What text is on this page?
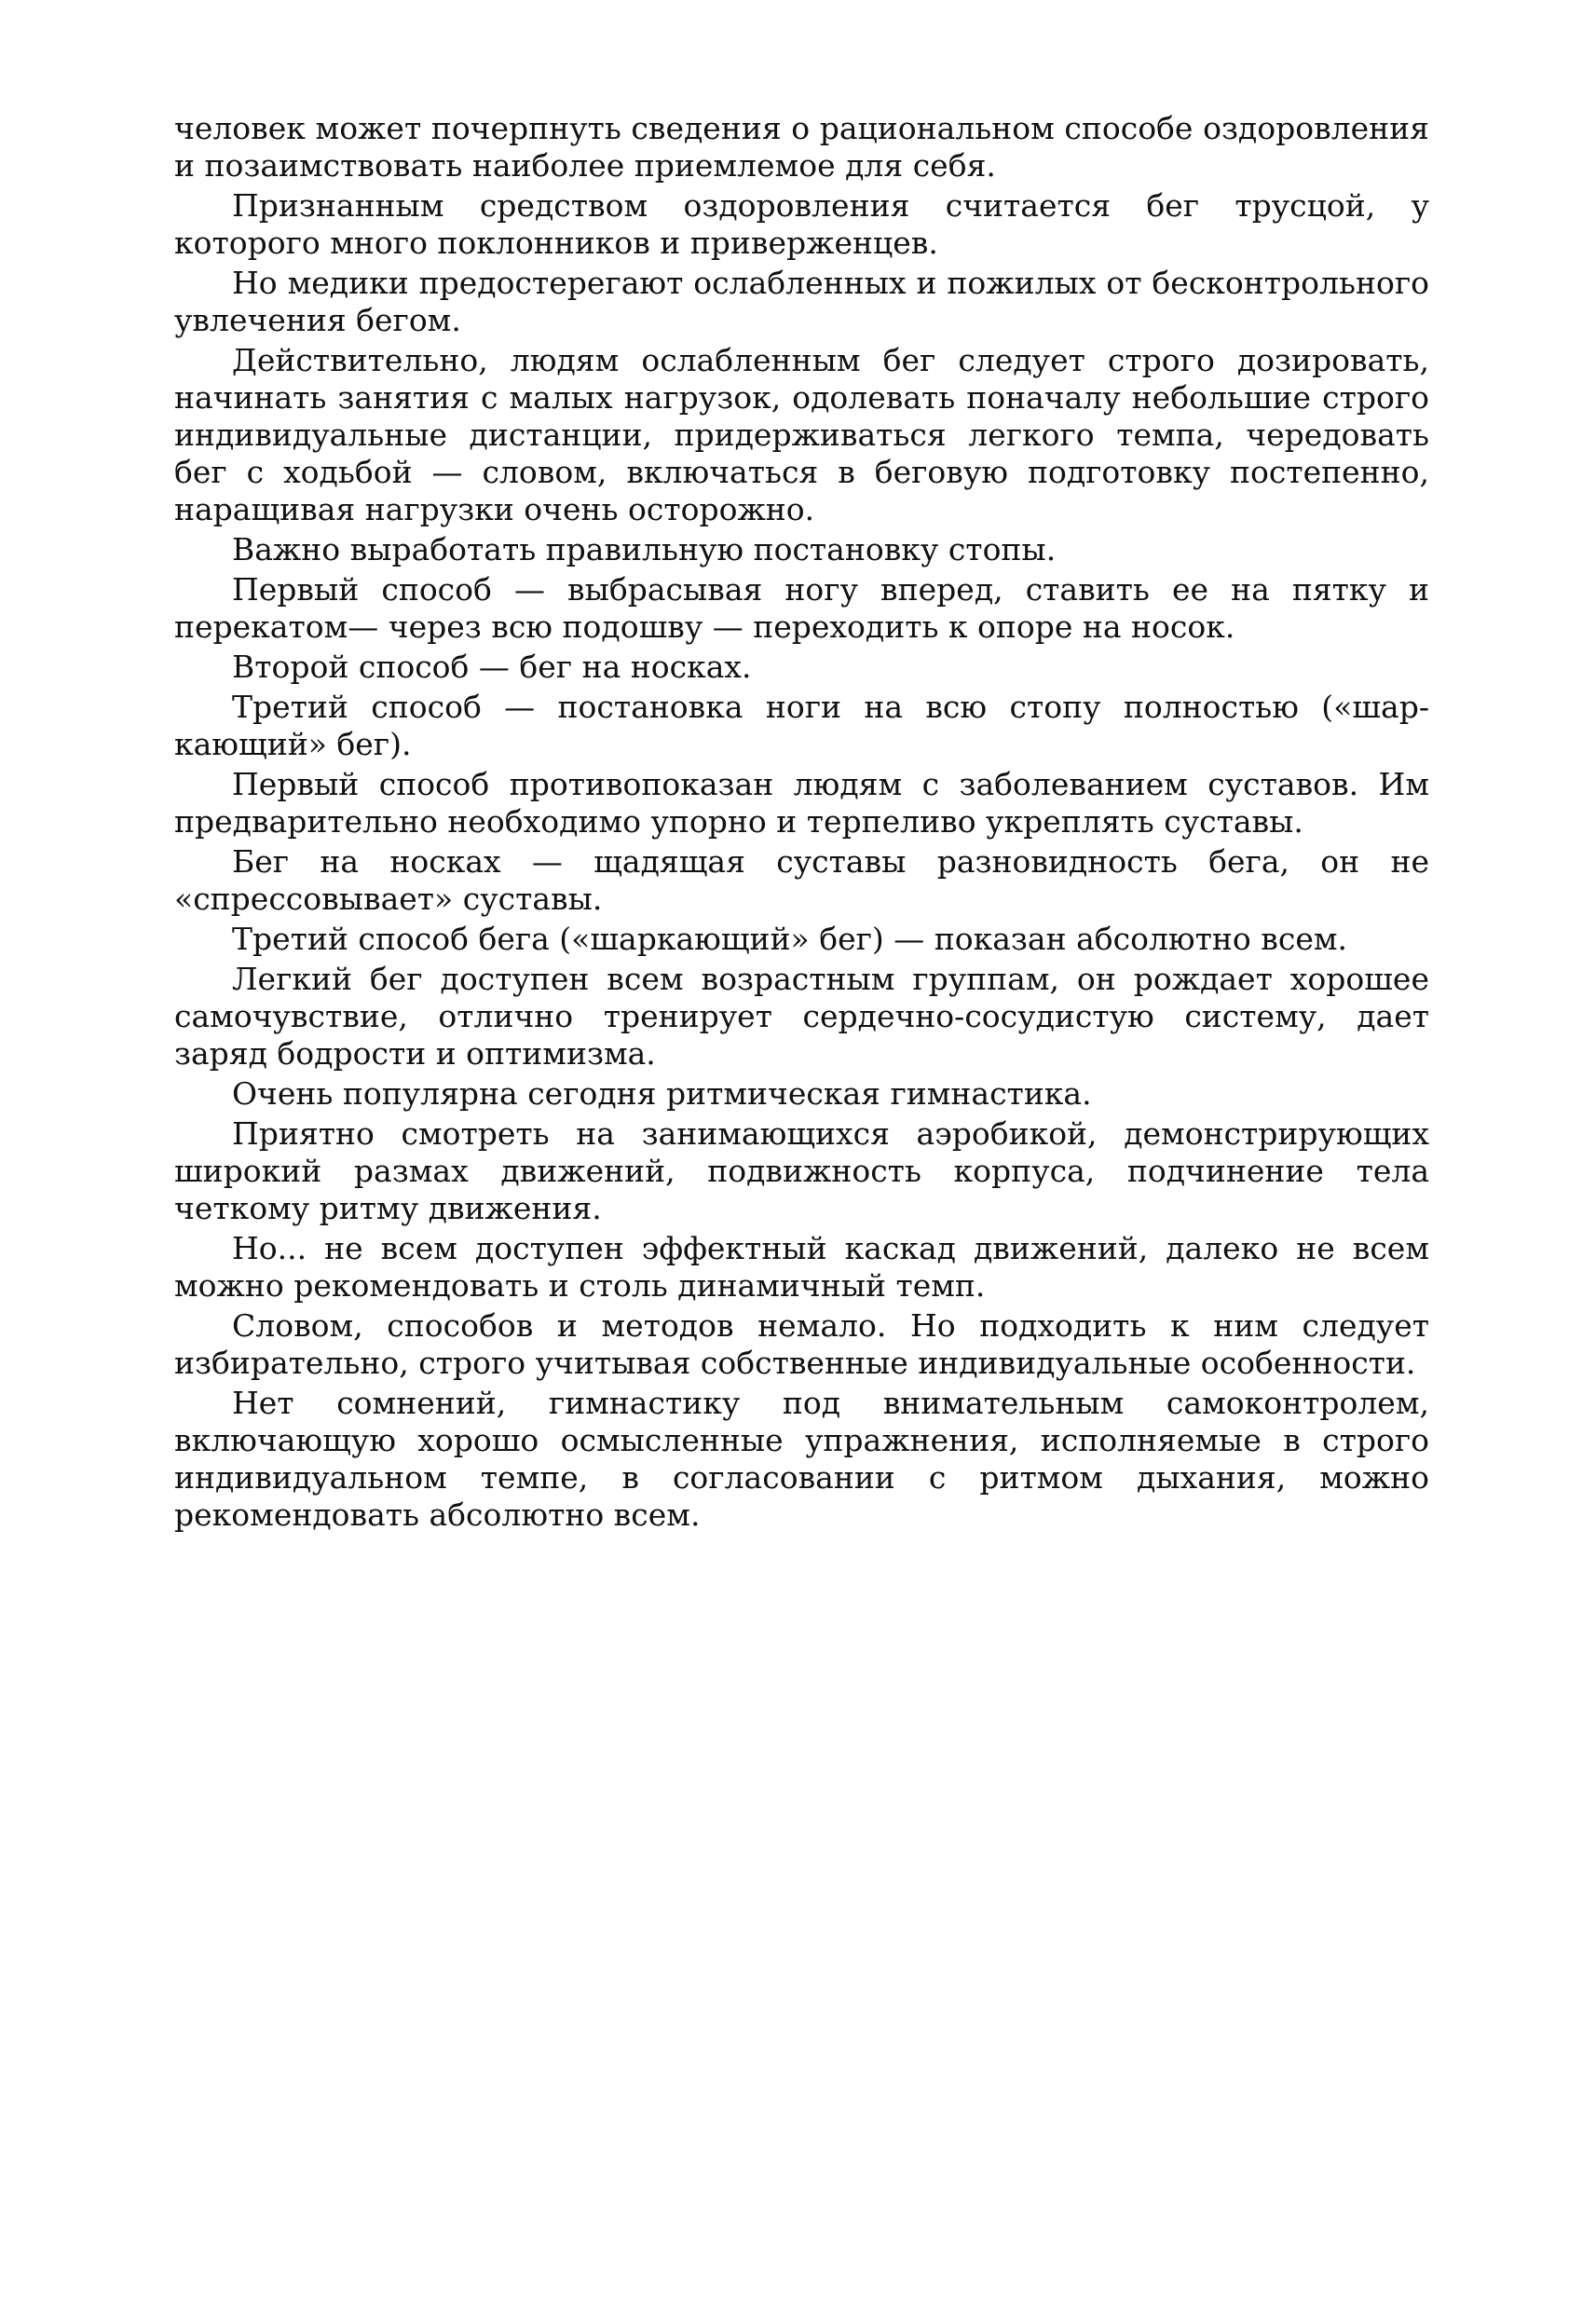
человек может почерпнуть сведения о рациональном способе оздоровления и позаимствовать наиболее приемлемое для себя.

Признанным средством оздоровления считается бег трусцой, у которого много поклонников и приверженцев.

Но медики предостерегают ослабленных и пожилых от бесконтрольного увлечения бегом.

Действительно, людям ослабленным бег следует строго дозировать, начинать занятия с малых нагрузок, одолевать поначалу небольшие строго индивидуальные дистанции, придерживаться легкого темпа, чередовать бег с ходьбой — словом, включаться в беговую подготовку постепенно, наращивая нагрузки очень осторожно.

Важно выработать правильную постановку стопы.

Первый способ — выбрасывая ногу вперед, ставить ее на пятку и перекатом— через всю подошву — переходить к опоре на носок.

Второй способ — бег на носках.

Третий способ — постановка ноги на всю стопу полностью («шаркающий» бег).

Первый способ противопоказан людям с заболеванием суставов. Им предварительно необходимо упорно и терпеливо укреплять суставы.

Бег на носках — щадящая суставы разновидность бега, он не «спрессовывает» суставы.

Третий способ бега («шаркающий» бег) — показан абсолютно всем.

Легкий бег доступен всем возрастным группам, он рождает хорошее самочувствие, отлично тренирует сердечно-сосудистую систему, дает заряд бодрости и оптимизма.

Очень популярна сегодня ритмическая гимнастика.

Приятно смотреть на занимающихся аэробикой, демонстрирующих широкий размах движений, подвижность корпуса, подчинение тела четкому ритму движения.

Но... не всем доступен эффектный каскад движений, далеко не всем можно рекомендовать и столь динамичный темп.

Словом, способов и методов немало. Но подходить к ним следует избирательно, строго учитывая собственные индивидуальные особенности.

Нет сомнений, гимнастику под внимательным самоконтролем, включающую хорошо осмысленные упражнения, исполняемые в строго индивидуальном темпе, в согласовании с ритмом дыхания, можно рекомендовать абсолютно всем.
